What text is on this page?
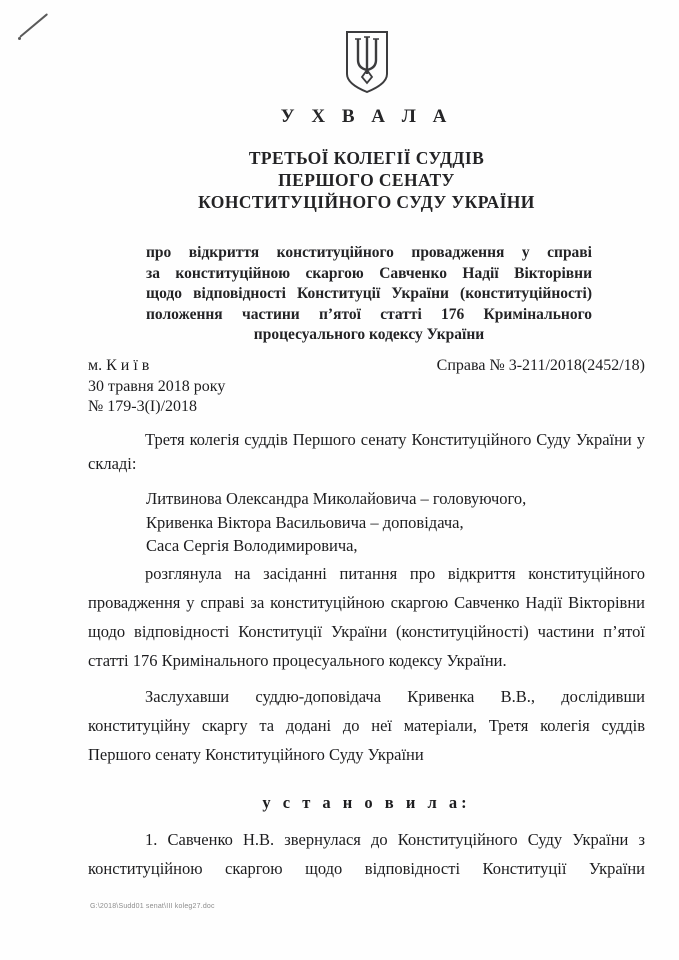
У Х В А Л А
ТРЕТЬОЇ КОЛЕГІЇ СУДДІВ
ПЕРШОГО СЕНАТУ
КОНСТИТУЦІЙНОГО СУДУ УКРАЇНИ
про відкриття конституційного провадження у справі
за конституційною скаргою Савченко Надії Вікторівни
щодо відповідності Конституції України (конституційності)
положення частини п’ятої статті 176 Кримінального
процесуального кодексу України
м. К и ї в
30 травня 2018 року
№ 179-3(І)/2018
Справа № 3-211/2018(2452/18)
Третя колегія суддів Першого сенату Конституційного Суду України у
складі:
Литвинова Олександра Миколайовича – головуючого,
Кривенка Віктора Васильовича – доповідача,
Саса Сергія Володимировича,
розглянула на засіданні питання про відкриття конституційного
провадження у справі за конституційною скаргою Савченко Надії Вікторівни
щодо відповідності Конституції України (конституційності) частини п’ятої
статті 176 Кримінального процесуального кодексу України.
Заслухавши суддю-доповідача Кривенка В.В., дослідивши
конституційну скаргу та додані до неї матеріали, Третя колегія суддів
Першого сенату Конституційного Суду України
у с т а н о в и л а:
1. Савченко Н.В. звернулася до Конституційного Суду України з
конституційною скаргою щодо відповідності Конституції України
G:\2018\Sudd01 senat\III koleg27.doc
